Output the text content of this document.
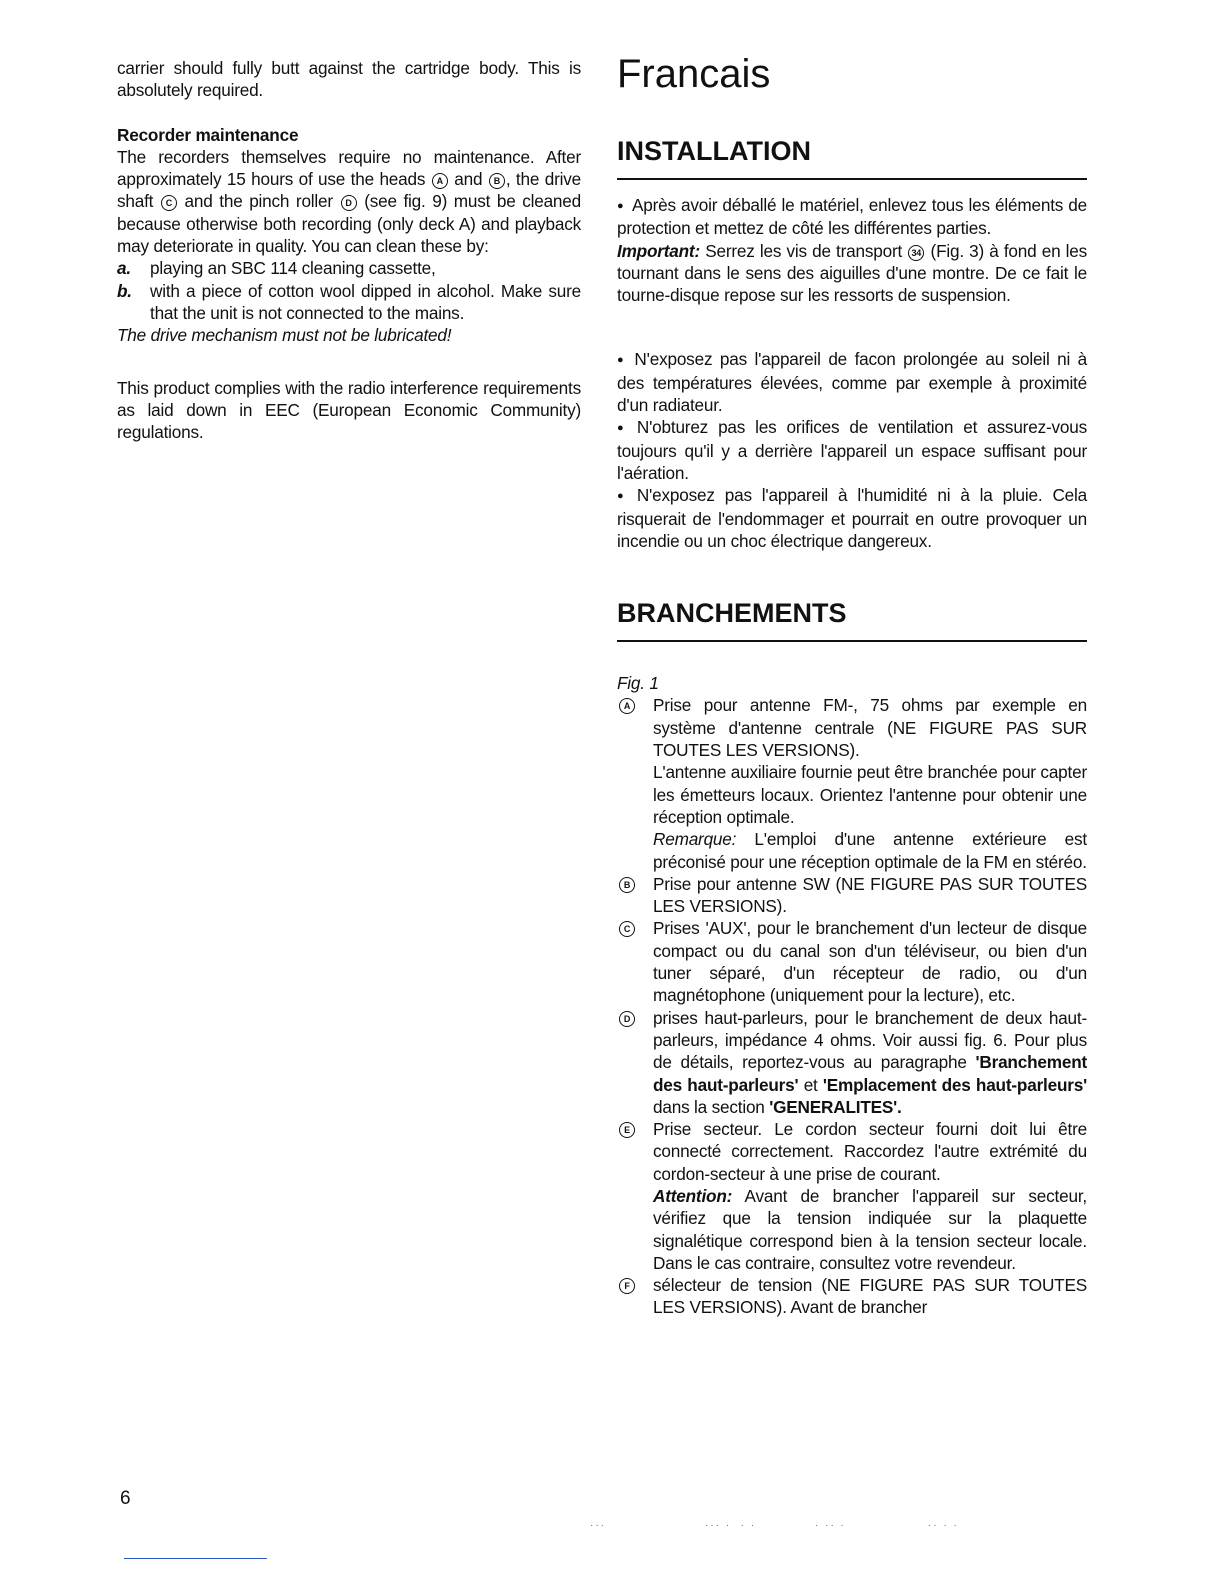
carrier should fully butt against the cartridge body. This is absolutely required.

Recorder maintenance

The recorders themselves require no maintenance. After approximately 15 hours of use the heads A and B , the drive shaft C and the pinch roller D (see fig. 9) must be cleaned because otherwise both recording (only deck A) and playback may deteriorate in quality. You can clean these by:

a. playing an SBC 114 cleaning cassette,
b. with a piece of cotton wool dipped in alcohol. Make sure that the unit is not connected to the mains.

The drive mechanism must not be lubricated!

This product complies with the radio interference requirements as laid down in EEC (European Economic Community) regulations.

Francais
INSTALLATION

● Après avoir déballé le matériel, enlevez tous les éléments de protection et mettez de côté les différentes parties.

Important: Serrez les vis de transport 34 (Fig. 3) à fond en les tournant dans le sens des aiguilles d'une montre. De ce fait le tourne-disque repose sur les ressorts de suspension.

● N'exposez pas l'appareil de facon prolongée au soleil ni à des températures élevées, comme par exemple à proximité d'un radiateur.

● N'obturez pas les orifices de ventilation et assurez-vous toujours qu'il y a derrière l'appareil un espace suffisant pour l'aération.

● N'exposez pas l'appareil à l'humidité ni à la pluie. Cela risquerait de l'endommager et pourrait en outre provoquer un incendie ou un choc électrique dangereux.

BRANCHEMENTS

Fig. 1

A Prise pour antenne FM-, 75 ohms par exemple en système d'antenne centrale (NE FIGURE PAS SUR TOUTES LES VERSIONS).
L'antenne auxiliaire fournie peut être branchée pour capter les émetteurs locaux. Orientez l'antenne pour obtenir une réception optimale.
Remarque: L'emploi d'une antenne extérieure est préconisé pour une réception optimale de la FM en stéréo.
B Prise pour antenne SW (NE FIGURE PAS SUR TOUTES LES VERSIONS).
C Prises 'AUX', pour le branchement d'un lecteur de disque compact ou du canal son d'un téléviseur, ou bien d'un tuner séparé, d'un récepteur de radio, ou d'un magnétophone (uniquement pour la lecture), etc.
D prises haut-parleurs, pour le branchement de deux haut-parleurs, impédance 4 ohms. Voir aussi fig. 6. Pour plus de détails, reportez-vous au paragraphe 'Branchement des haut-parleurs' et 'Emplacement des haut-parleurs' dans la section 'GENERALITES'.
E Prise secteur. Le cordon secteur fourni doit lui être connecté correctement. Raccordez l'autre extrémité du cordon-secteur à une prise de courant.
Attention: Avant de brancher l'appareil sur secteur, vérifiez que la tension indiquée sur la plaquette signalétique correspond bien à la tension secteur locale. Dans le cas contraire, consultez votre revendeur.
F	sélecteur de tension (NE FIGURE PAS SUR TOUTES LES VERSIONS). Avant de brancher
6
···	··· ·  · ·	· ·· ·	·· · ·
